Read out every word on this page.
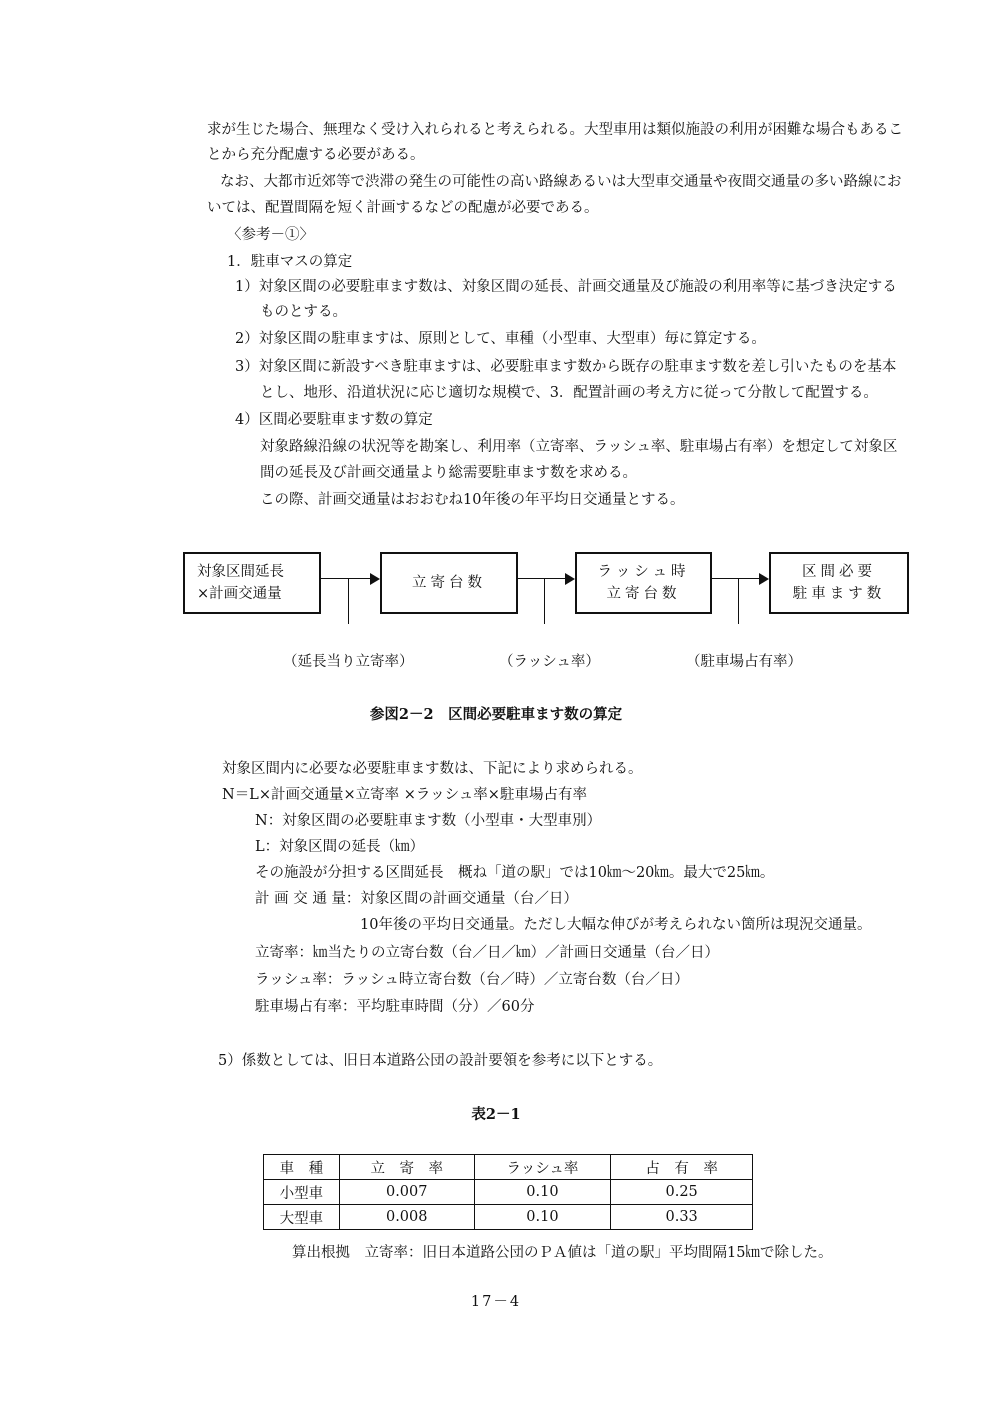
求が生じた場合、無理なく受け入れられると考えられる。大型車用は類似施設の利用が困難な場合もあるこ
とから充分配慮する必要がある。
なお、大都市近郊等で渋滞の発生の可能性の高い路線あるいは大型車交通量や夜間交通量の多い路線にお
いては、配置間隔を短く計画するなどの配慮が必要である。
〈参考－①〉
1．駐車マスの算定
1）対象区間の必要駐車ます数は、対象区間の延長、計画交通量及び施設の利用率等に基づき決定する
ものとする。
2）対象区間の駐車ますは、原則として、車種（小型車、大型車）毎に算定する。
3）対象区間に新設すべき駐車ますは、必要駐車ます数から既存の駐車ます数を差し引いたものを基本
とし、地形、沿道状況に応じ適切な規模で、3．配置計画の考え方に従って分散して配置する。
4）区間必要駐車ます数の算定
対象路線沿線の状況等を勘案し、利用率（立寄率、ラッシュ率、駐車場占有率）を想定して対象区
間の延長及び計画交通量より総需要駐車ます数を求める。
この際、計画交通量はおおむね10年後の年平均日交通量とする。
対象区間延長
×計画交通量
立寄台数
ラッシュ時
立寄台数
区間必要
駐車ます数
（延長当り立寄率）	（ラッシュ率）	（駐車場占有率）
参図2－2　区間必要駐車ます数の算定
対象区間内に必要な必要駐車ます数は、下記により求められる。
N＝L×計画交通量×立寄率 ×ラッシュ率×駐車場占有率
N：対象区間の必要駐車ます数（小型車・大型車別）
L：対象区間の延長（㎞）
その施設が分担する区間延長　概ね「道の駅」では10㎞～20㎞。最大で25㎞。
計 画 交 通 量：対象区間の計画交通量（台／日）
10年後の平均日交通量。ただし大幅な伸びが考えられない箇所は現況交通量。
立寄率：㎞当たりの立寄台数（台／日／㎞）／計画日交通量（台／日）
ラッシュ率：ラッシュ時立寄台数（台／時）／立寄台数（台／日）
駐車場占有率：平均駐車時間（分）／60分
5）係数としては、旧日本道路公団の設計要領を参考に以下とする。
表2－1
車　種	立　寄　率	ラッシュ率	占　有　率
小型車	0.007	0.10	0.25
大型車	0.008	0.10	0.33
算出根拠　立寄率：旧日本道路公団のＰＡ値は「道の駅」平均間隔15㎞で除した。
17－4
